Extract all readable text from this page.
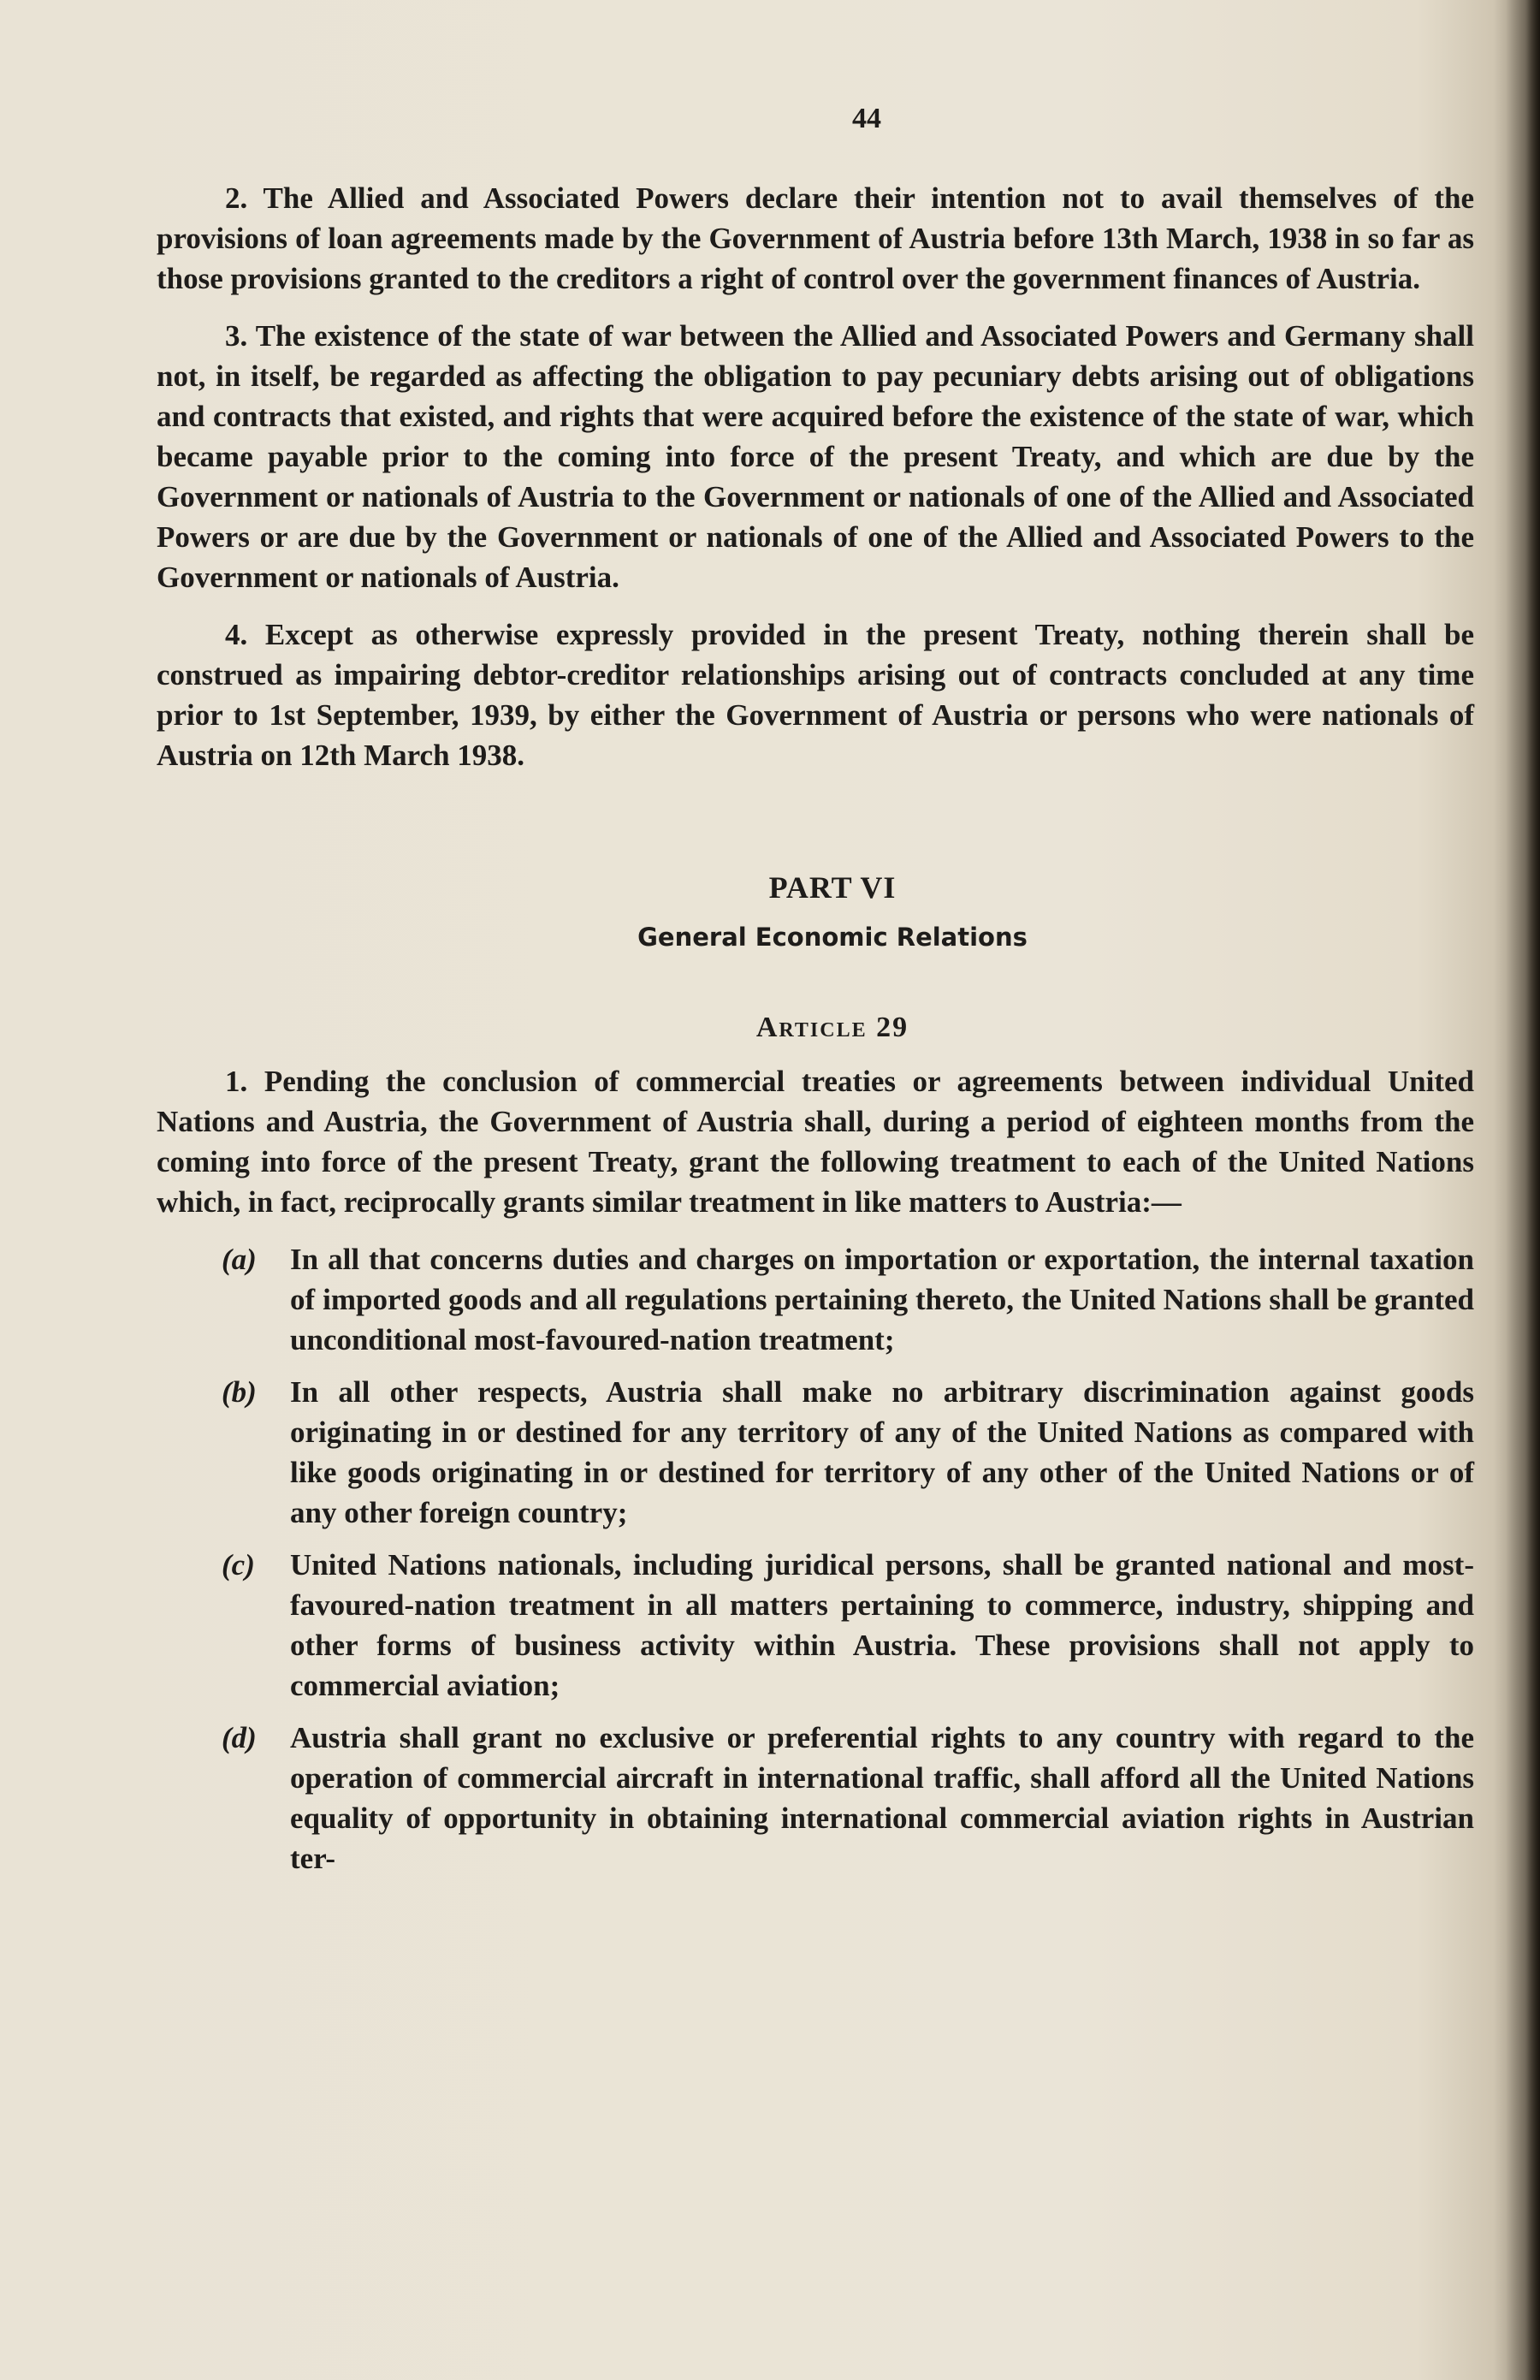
44

2. The Allied and Associated Powers declare their intention not to avail themselves of the provisions of loan agreements made by the Government of Austria before 13th March, 1938 in so far as those provisions granted to the creditors a right of control over the government finances of Austria.

3. The existence of the state of war between the Allied and Associated Powers and Germany shall not, in itself, be regarded as affecting the obligation to pay pecuniary debts arising out of obligations and contracts that existed, and rights that were acquired before the existence of the state of war, which became payable prior to the coming into force of the present Treaty, and which are due by the Government or nationals of Austria to the Government or nationals of one of the Allied and Associated Powers or are due by the Government or nationals of one of the Allied and Associated Powers to the Government or nationals of Austria.

4. Except as otherwise expressly provided in the present Treaty, nothing therein shall be construed as impairing debtor-creditor relationships arising out of contracts concluded at any time prior to 1st September, 1939, by either the Government of Austria or persons who were nationals of Austria on 12th March 1938.

PART VI
General Economic Relations
Article 29

1. Pending the conclusion of commercial treaties or agreements between individual United Nations and Austria, the Government of Austria shall, during a period of eighteen months from the coming into force of the present Treaty, grant the following treatment to each of the United Nations which, in fact, reciprocally grants similar treatment in like matters to Austria:—

(a) In all that concerns duties and charges on importation or exportation, the internal taxation of imported goods and all regulations pertaining thereto, the United Nations shall be granted unconditional most-favoured-nation treatment;
(b) In all other respects, Austria shall make no arbitrary discrimination against goods originating in or destined for any territory of any of the United Nations as compared with like goods originating in or destined for territory of any other of the United Nations or of any other foreign country;
(c) United Nations nationals, including juridical persons, shall be granted national and most-favoured-nation treatment in all matters pertaining to commerce, industry, shipping and other forms of business activity within Austria. These provisions shall not apply to commercial aviation;
(d) Austria shall grant no exclusive or preferential rights to any country with regard to the operation of commercial aircraft in international traffic, shall afford all the United Nations equality of opportunity in obtaining international commercial aviation rights in Austrian ter-
